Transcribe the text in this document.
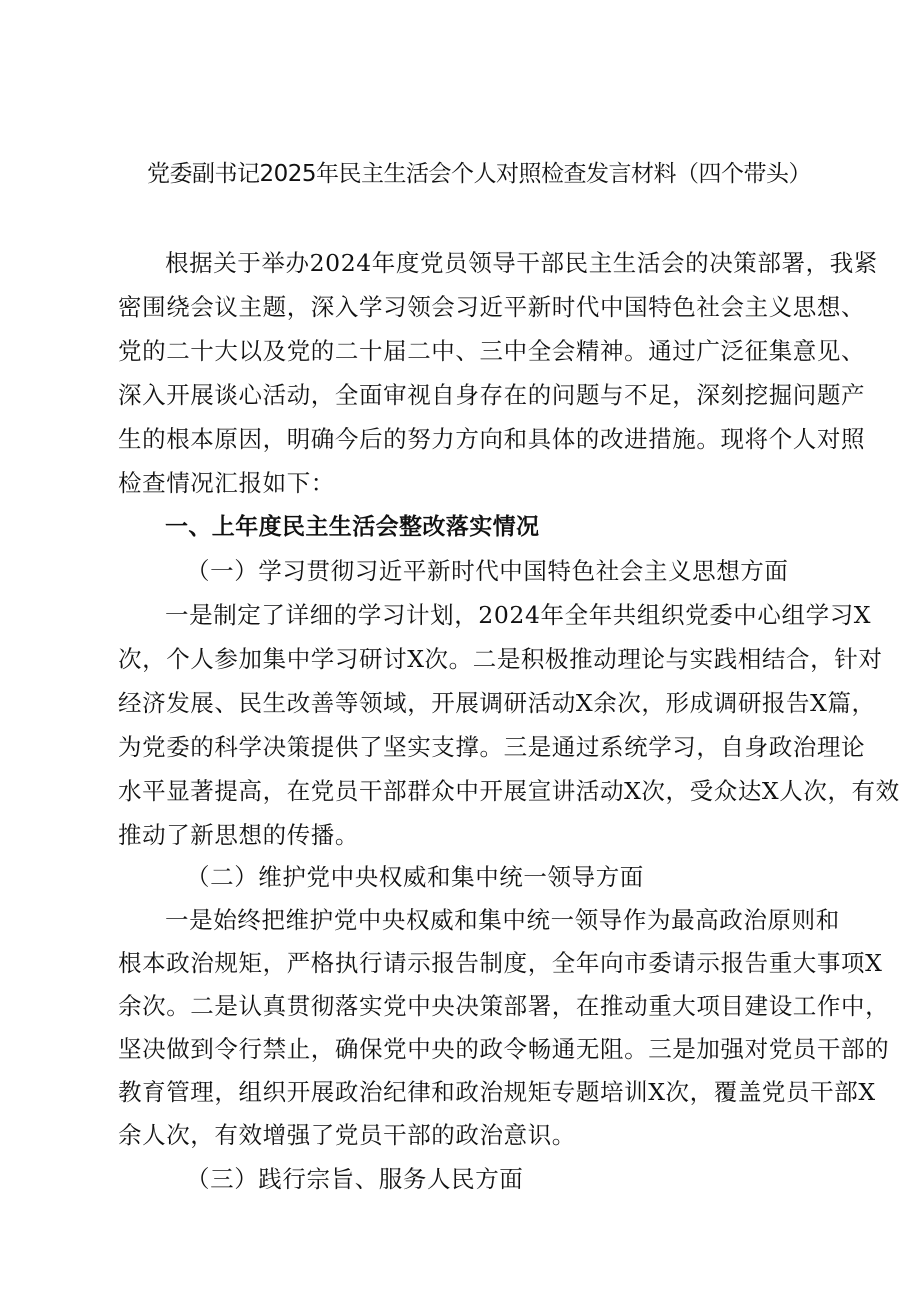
党委副书记2025年民主生活会个人对照检查发言材料（四个带头）
根据关于举办2024年度党员领导干部民主生活会的决策部署，我紧
密围绕会议主题，深入学习领会习近平新时代中国特色社会主义思想、
党的二十大以及党的二十届二中、三中全会精神。通过广泛征集意见、
深入开展谈心活动，全面审视自身存在的问题与不足，深刻挖掘问题产
生的根本原因，明确今后的努力方向和具体的改进措施。现将个人对照
检查情况汇报如下：
一、上年度民主生活会整改落实情况
（一）学习贯彻习近平新时代中国特色社会主义思想方面
一是制定了详细的学习计划，2024年全年共组织党委中心组学习X
次，个人参加集中学习研讨X次。二是积极推动理论与实践相结合，针对
经济发展、民生改善等领域，开展调研活动X余次，形成调研报告X篇，
为党委的科学决策提供了坚实支撑。三是通过系统学习，自身政治理论
水平显著提高，在党员干部群众中开展宣讲活动X次，受众达X人次，有效
推动了新思想的传播。
（二）维护党中央权威和集中统一领导方面
一是始终把维护党中央权威和集中统一领导作为最高政治原则和
根本政治规矩，严格执行请示报告制度，全年向市委请示报告重大事项X
余次。二是认真贯彻落实党中央决策部署，在推动重大项目建设工作中，
坚决做到令行禁止，确保党中央的政令畅通无阻。三是加强对党员干部的
教育管理，组织开展政治纪律和政治规矩专题培训X次，覆盖党员干部X
余人次，有效增强了党员干部的政治意识。
（三）践行宗旨、服务人民方面
